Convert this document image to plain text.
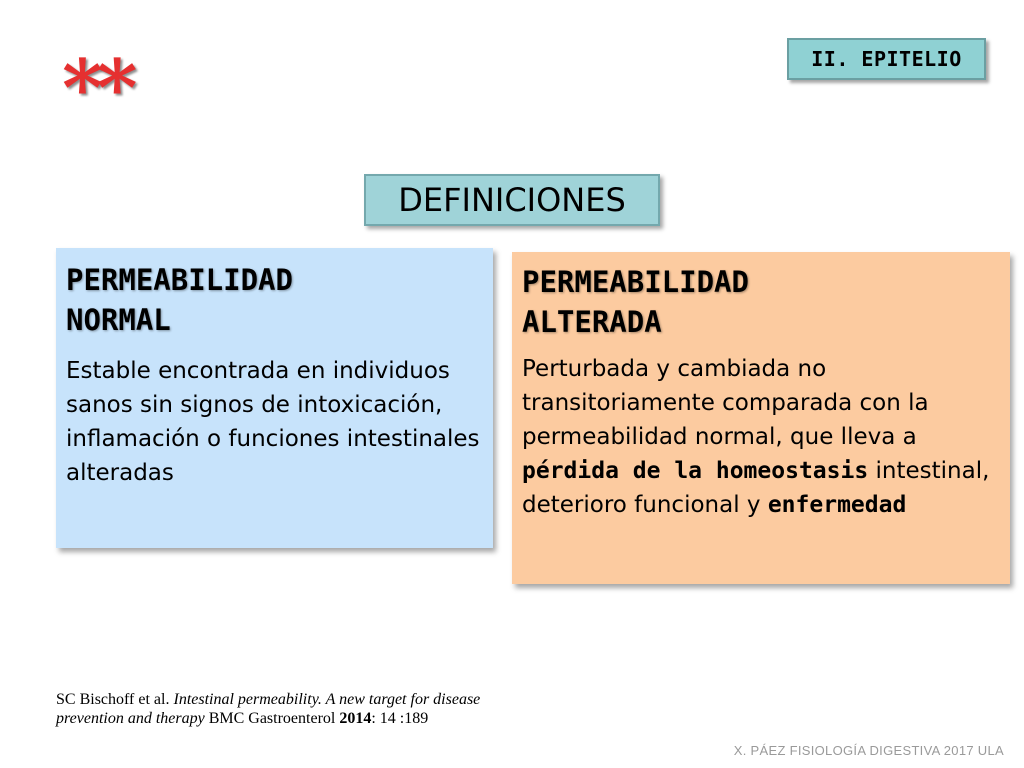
II. EPITELIO
**
DEFINICIONES
PERMEABILIDAD
NORMAL
Estable encontrada en individuos sanos sin signos de intoxicación, inflamación o funciones intestinales alteradas
PERMEABILIDAD
ALTERADA
Perturbada y cambiada no transitoriamente comparada con la permeabilidad normal, que lleva a pérdida de la homeostasis intestinal, deterioro funcional y enfermedad
SC Bischoff et al. Intestinal permeability. A new target for disease prevention and therapy BMC Gastroenterol 2014: 14 :189
X. PÁEZ FISIOLOGÍA DIGESTIVA 2017 ULA
